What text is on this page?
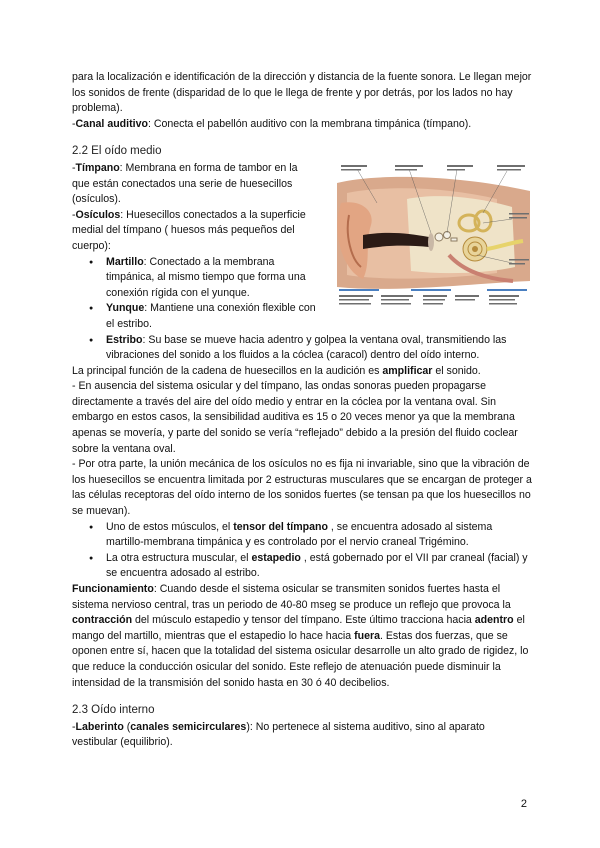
para la localización e identificación de la dirección y distancia de la fuente sonora. Le llegan mejor los sonidos de frente (disparidad de lo que le llega de frente y por detrás, por los lados no hay problema).

-Canal auditivo: Conecta el pabellón auditivo con la membrana timpánica (tímpano).

2.2 El oído medio

-Tímpano: Membrana en forma de tambor en la que están conectados una serie de huesecillos (osículos).

-Osículos: Huesecillos conectados a la superficie medial del tímpano ( huesos más pequeños del cuerpo):

● Martillo: Conectado a la membrana timpánica, al mismo tiempo que forma una conexión rígida con el yunque.
● Yunque: Mantiene una conexión flexible con el estribo.
● Estribo: Su base se mueve hacia adentro y golpea la ventana oval, transmitiendo las vibraciones del sonido a los fluidos a la cóclea (caracol) dentro del oído interno.

La principal función de la cadena de huesecillos en la audición es amplificar el sonido.

- En ausencia del sistema osicular y del tímpano, las ondas sonoras pueden propagarse directamente a través del aire del oído medio y entrar en la cóclea por la ventana oval. Sin embargo en estos casos, la sensibilidad auditiva es 15 o 20 veces menor ya que la membrana apenas se movería, y parte del sonido se vería “reflejado” debido a la presión del fluido coclear sobre la ventana oval.

- Por otra parte, la unión mecánica de los osículos no es fija ni invariable, sino que la vibración de los huesecillos se encuentra limitada por 2 estructuras musculares que se encargan de proteger a las células receptoras del oído interno de los sonidos fuertes (se tensan pa que los huesecillos no se muevan).

● Uno de estos músculos, el tensor del tímpano , se encuentra adosado al sistema martillo-membrana timpánica y es controlado por el nervio craneal Trigémino.
● La otra estructura muscular, el estapedio , está gobernado por el VII par craneal (facial) y se encuentra adosado al estribo.

Funcionamiento: Cuando desde el sistema osicular se transmiten sonidos fuertes hasta el sistema nervioso central, tras un periodo de 40-80 mseg se produce un reflejo que provoca la contracción del músculo estapedio y tensor del tímpano. Este último tracciona hacia adentro el mango del martillo, mientras que el estapedio lo hace hacia fuera. Estas dos fuerzas, que se oponen entre sí, hacen que la totalidad del sistema osicular desarrolle un alto grado de rigidez, lo que reduce la conducción osicular del sonido. Este reflejo de atenuación puede disminuir la intensidad de la transmisión del sonido hasta en 30 ó 40 decibelios.

2.3 Oído interno

-Laberinto (canales semicirculares): No pertenece al sistema auditivo, sino al aparato vestibular (equilibrio).

2
